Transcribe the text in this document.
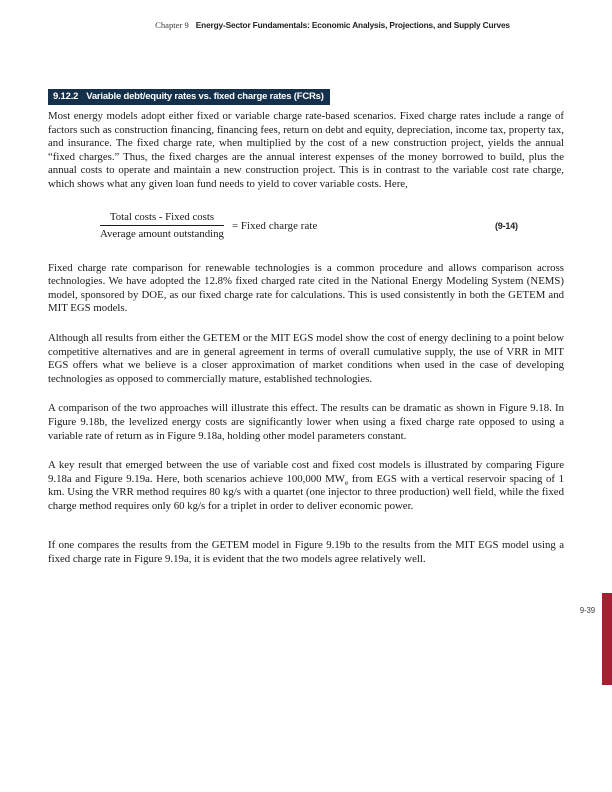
Chapter 9 Energy-Sector Fundamentals: Economic Analysis, Projections, and Supply Curves
9.12.2 Variable debt/equity rates vs. fixed charge rates (FCRs)

Most energy models adopt either fixed or variable charge rate-based scenarios. Fixed charge rates include a range of factors such as construction financing, financing fees, return on debt and equity, depreciation, income tax, property tax, and insurance. The fixed charge rate, when multiplied by the cost of a new construction project, yields the annual “fixed charges.” Thus, the fixed charges are the annual interest expenses of the money borrowed to build, plus the annual costs to operate and maintain a new construction project. This is in contrast to the variable cost rate charge, which shows what any given loan fund needs to yield to cover variable costs. Here,

$\frac{\text{Total costs - Fixed costs}}{\text{Average amount outstanding}}$ = Fixed charge rate	(9-14)

Fixed charge rate comparison for renewable technologies is a common procedure and allows comparison across technologies. We have adopted the 12.8% fixed charged rate cited in the National Energy Modeling System (NEMS) model, sponsored by DOE, as our fixed charge rate for calculations. This is used consistently in both the GETEM and MIT EGS models.

Although all results from either the GETEM or the MIT EGS model show the cost of energy declining to a point below competitive alternatives and are in general agreement in terms of overall cumulative supply, the use of VRR in MIT EGS offers what we believe is a closer approximation of market conditions when used in the case of developing technologies as opposed to commercially mature, established technologies.

A comparison of the two approaches will illustrate this effect. The results can be dramatic as shown in Figure 9.18. In Figure 9.18b, the levelized energy costs are significantly lower when using a fixed charge rate opposed to using a variable rate of return as in Figure 9.18a, holding other model parameters constant.

A key result that emerged between the use of variable cost and fixed cost models is illustrated by comparing Figure 9.18a and Figure 9.19a. Here, both scenarios achieve 100,000 $MW_e$ from EGS with a vertical reservoir spacing of 1 km. Using the VRR method requires 80 kg/s with a quartet (one injector to three production) well field, while the fixed charge method requires only 60 kg/s for a triplet in order to deliver economic power.

If one compares the results from the GETEM model in Figure 9.19b to the results from the MIT EGS model using a fixed charge rate in Figure 9.19a, it is evident that the two models agree relatively well.

9-39
